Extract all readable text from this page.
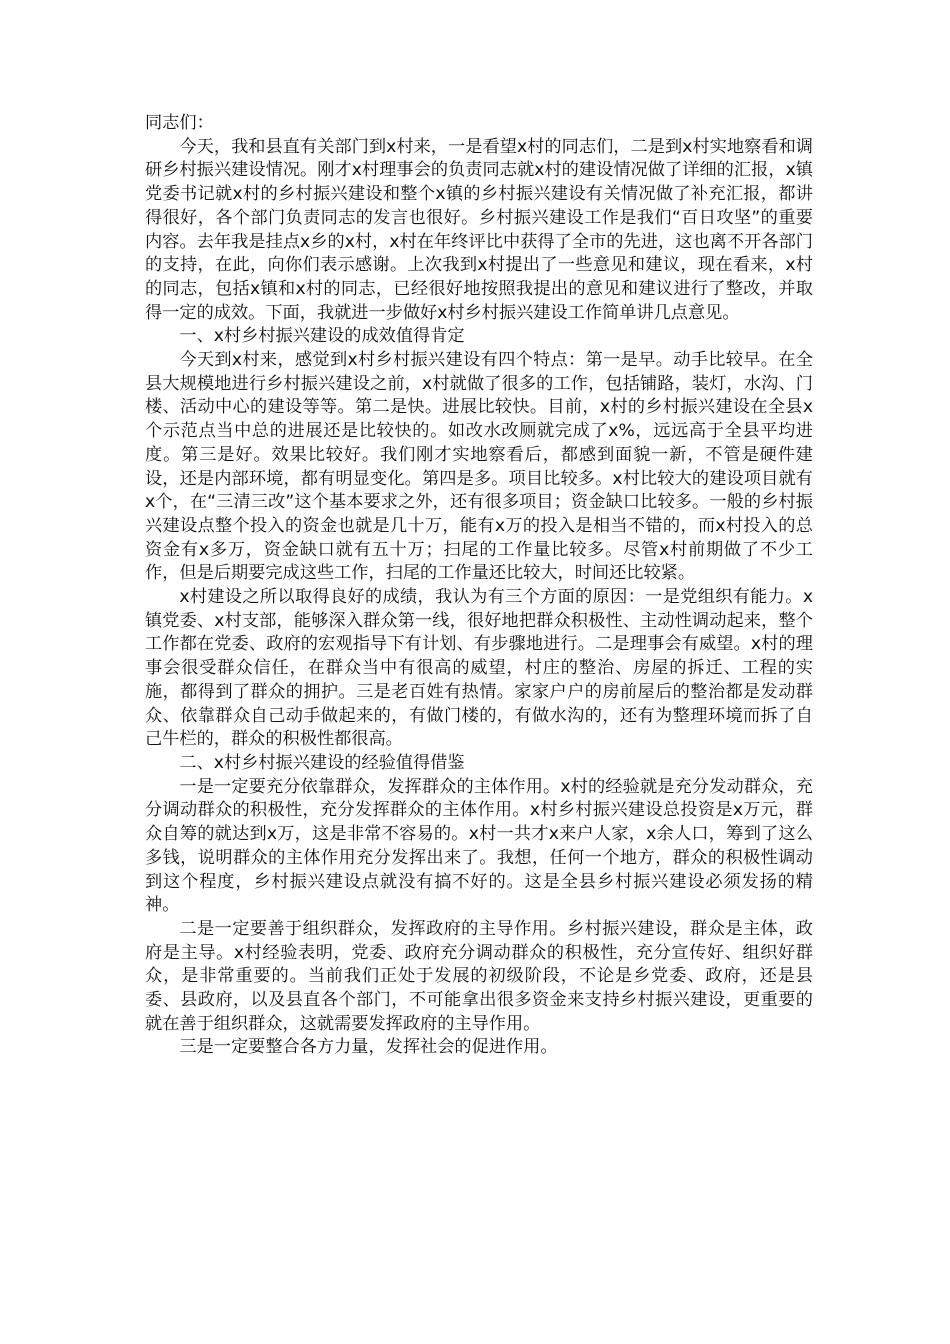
同志们：

今天，我和县直有关部门到x村来，一是看望x村的同志们，二是到x村实地察看和调研乡村振兴建设情况。刚才x村理事会的负责同志就x村的建设情况做了详细的汇报，x镇党委书记就x村的乡村振兴建设和整个x镇的乡村振兴建设有关情况做了补充汇报，都讲得很好，各个部门负责同志的发言也很好。乡村振兴建设工作是我们“百日攻坚”的重要内容。去年我是挂点x乡的x村，x村在年终评比中获得了全市的先进，这也离不开各部门的支持，在此，向你们表示感谢。上次我到x村提出了一些意见和建议，现在看来，x村的同志，包括x镇和x村的同志，已经很好地按照我提出的意见和建议进行了整改，并取得一定的成效。下面，我就进一步做好x村乡村振兴建设工作简单讲几点意见。

一、x村乡村振兴建设的成效值得肯定

今天到x村来，感觉到x村乡村振兴建设有四个特点：第一是早。动手比较早。在全县大规模地进行乡村振兴建设之前，x村就做了很多的工作，包括铺路，装灯，水沟、门楼、活动中心的建设等等。第二是快。进展比较快。目前，x村的乡村振兴建设在全县x个示范点当中总的进展还是比较快的。如改水改厕就完成了x%，远远高于全县平均进度。第三是好。效果比较好。我们刚才实地察看后，都感到面貌一新，不管是硬件建设，还是内部环境，都有明显变化。第四是多。项目比较多。x村比较大的建设项目就有x个，在“三清三改”这个基本要求之外，还有很多项目；资金缺口比较多。一般的乡村振兴建设点整个投入的资金也就是几十万，能有x万的投入是相当不错的，而x村投入的总资金有x多万，资金缺口就有五十万；扫尾的工作量比较多。尽管x村前期做了不少工作，但是后期要完成这些工作，扫尾的工作量还比较大，时间还比较紧。

x村建设之所以取得良好的成绩，我认为有三个方面的原因：一是党组织有能力。x镇党委、x村支部，能够深入群众第一线，很好地把群众积极性、主动性调动起来，整个工作都在党委、政府的宏观指导下有计划、有步骤地进行。二是理事会有威望。x村的理事会很受群众信任，在群众当中有很高的威望，村庄的整治、房屋的拆迁、工程的实施，都得到了群众的拥护。三是老百姓有热情。家家户户的房前屋后的整治都是发动群众、依靠群众自己动手做起来的，有做门楼的，有做水沟的，还有为整理环境而拆了自己牛栏的，群众的积极性都很高。

二、x村乡村振兴建设的经验值得借鉴

一是一定要充分依靠群众，发挥群众的主体作用。x村的经验就是充分发动群众，充分调动群众的积极性，充分发挥群众的主体作用。x村乡村振兴建设总投资是x万元，群众自筹的就达到x万，这是非常不容易的。x村一共才x来户人家，x余人口，筹到了这么多钱，说明群众的主体作用充分发挥出来了。我想，任何一个地方，群众的积极性调动到这个程度，乡村振兴建设点就没有搞不好的。这是全县乡村振兴建设必须发扬的精神。

二是一定要善于组织群众，发挥政府的主导作用。乡村振兴建设，群众是主体，政府是主导。x村经验表明，党委、政府充分调动群众的积极性，充分宣传好、组织好群众，是非常重要的。当前我们正处于发展的初级阶段，不论是乡党委、政府，还是县委、县政府，以及县直各个部门，不可能拿出很多资金来支持乡村振兴建设，更重要的就在善于组织群众，这就需要发挥政府的主导作用。

三是一定要整合各方力量，发挥社会的促进作用。
